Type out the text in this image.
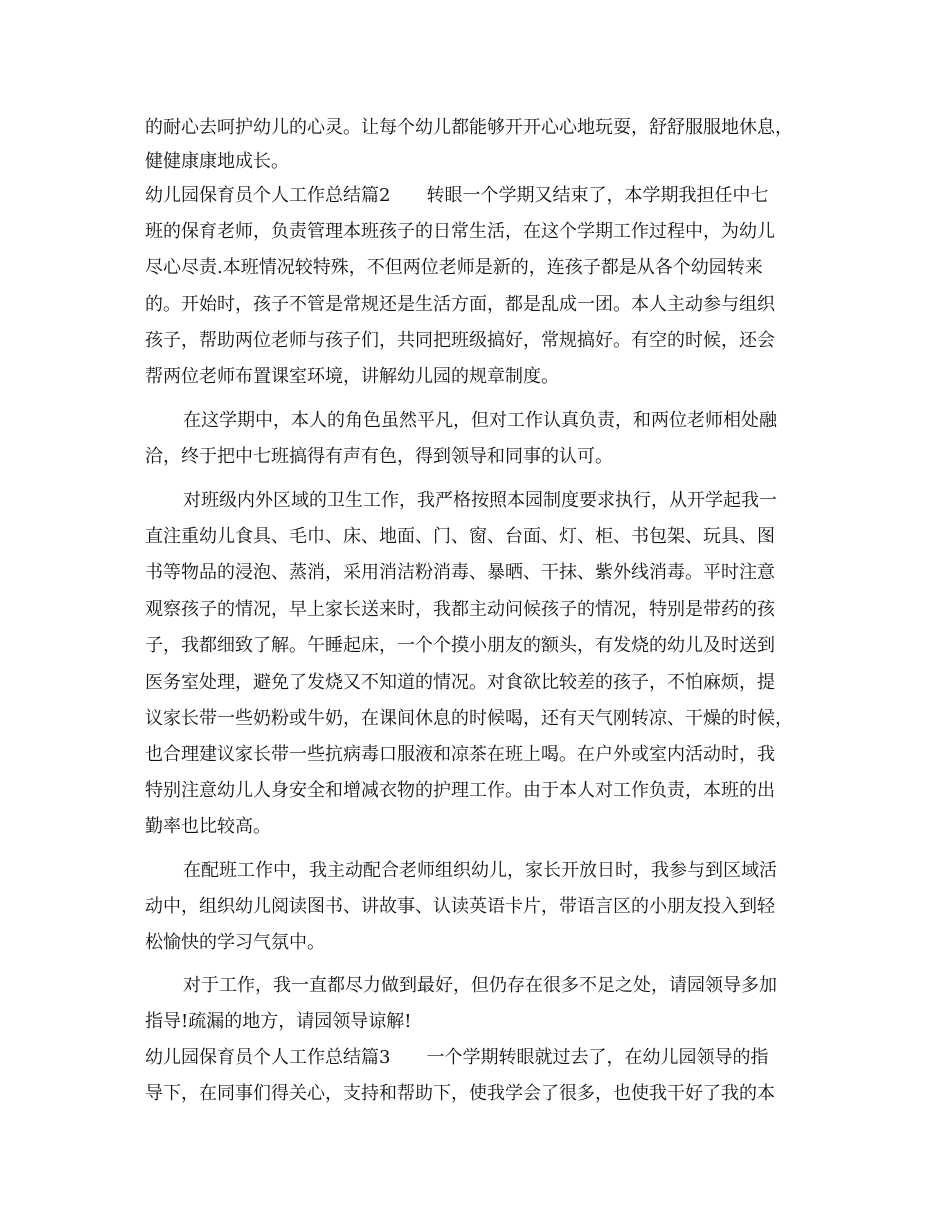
的耐心去呵护幼儿的心灵。让每个幼儿都能够开开心心地玩耍，舒舒服服地休息，
健健康康地成长。
幼儿园保育员个人工作总结篇2　　转眼一个学期又结束了，本学期我担任中七
班的保育老师，负责管理本班孩子的日常生活，在这个学期工作过程中，为幼儿
尽心尽责.本班情况较特殊，不但两位老师是新的，连孩子都是从各个幼园转来
的。开始时，孩子不管是常规还是生活方面，都是乱成一团。本人主动参与组织
孩子，帮助两位老师与孩子们，共同把班级搞好，常规搞好。有空的时候，还会
帮两位老师布置课室环境，讲解幼儿园的规章制度。
在这学期中，本人的角色虽然平凡，但对工作认真负责，和两位老师相处融
洽，终于把中七班搞得有声有色，得到领导和同事的认可。
对班级内外区域的卫生工作，我严格按照本园制度要求执行，从开学起我一
直注重幼儿食具、毛巾、床、地面、门、窗、台面、灯、柜、书包架、玩具、图
书等物品的浸泡、蒸消，采用消洁粉消毒、暴晒、干抹、紫外线消毒。平时注意
观察孩子的情况，早上家长送来时，我都主动问候孩子的情况，特别是带药的孩
子，我都细致了解。午睡起床，一个个摸小朋友的额头，有发烧的幼儿及时送到
医务室处理，避免了发烧又不知道的情况。对食欲比较差的孩子，不怕麻烦，提
议家长带一些奶粉或牛奶，在课间休息的时候喝，还有天气刚转凉、干燥的时候，
也合理建议家长带一些抗病毒口服液和凉茶在班上喝。在户外或室内活动时，我
特别注意幼儿人身安全和增减衣物的护理工作。由于本人对工作负责，本班的出
勤率也比较高。
在配班工作中，我主动配合老师组织幼儿，家长开放日时，我参与到区域活
动中，组织幼儿阅读图书、讲故事、认读英语卡片，带语言区的小朋友投入到轻
松愉快的学习气氛中。
对于工作，我一直都尽力做到最好，但仍存在很多不足之处，请园领导多加
指导!疏漏的地方，请园领导谅解!
幼儿园保育员个人工作总结篇3　　一个学期转眼就过去了，在幼儿园领导的指
导下，在同事们得关心，支持和帮助下，使我学会了很多，也使我干好了我的本
